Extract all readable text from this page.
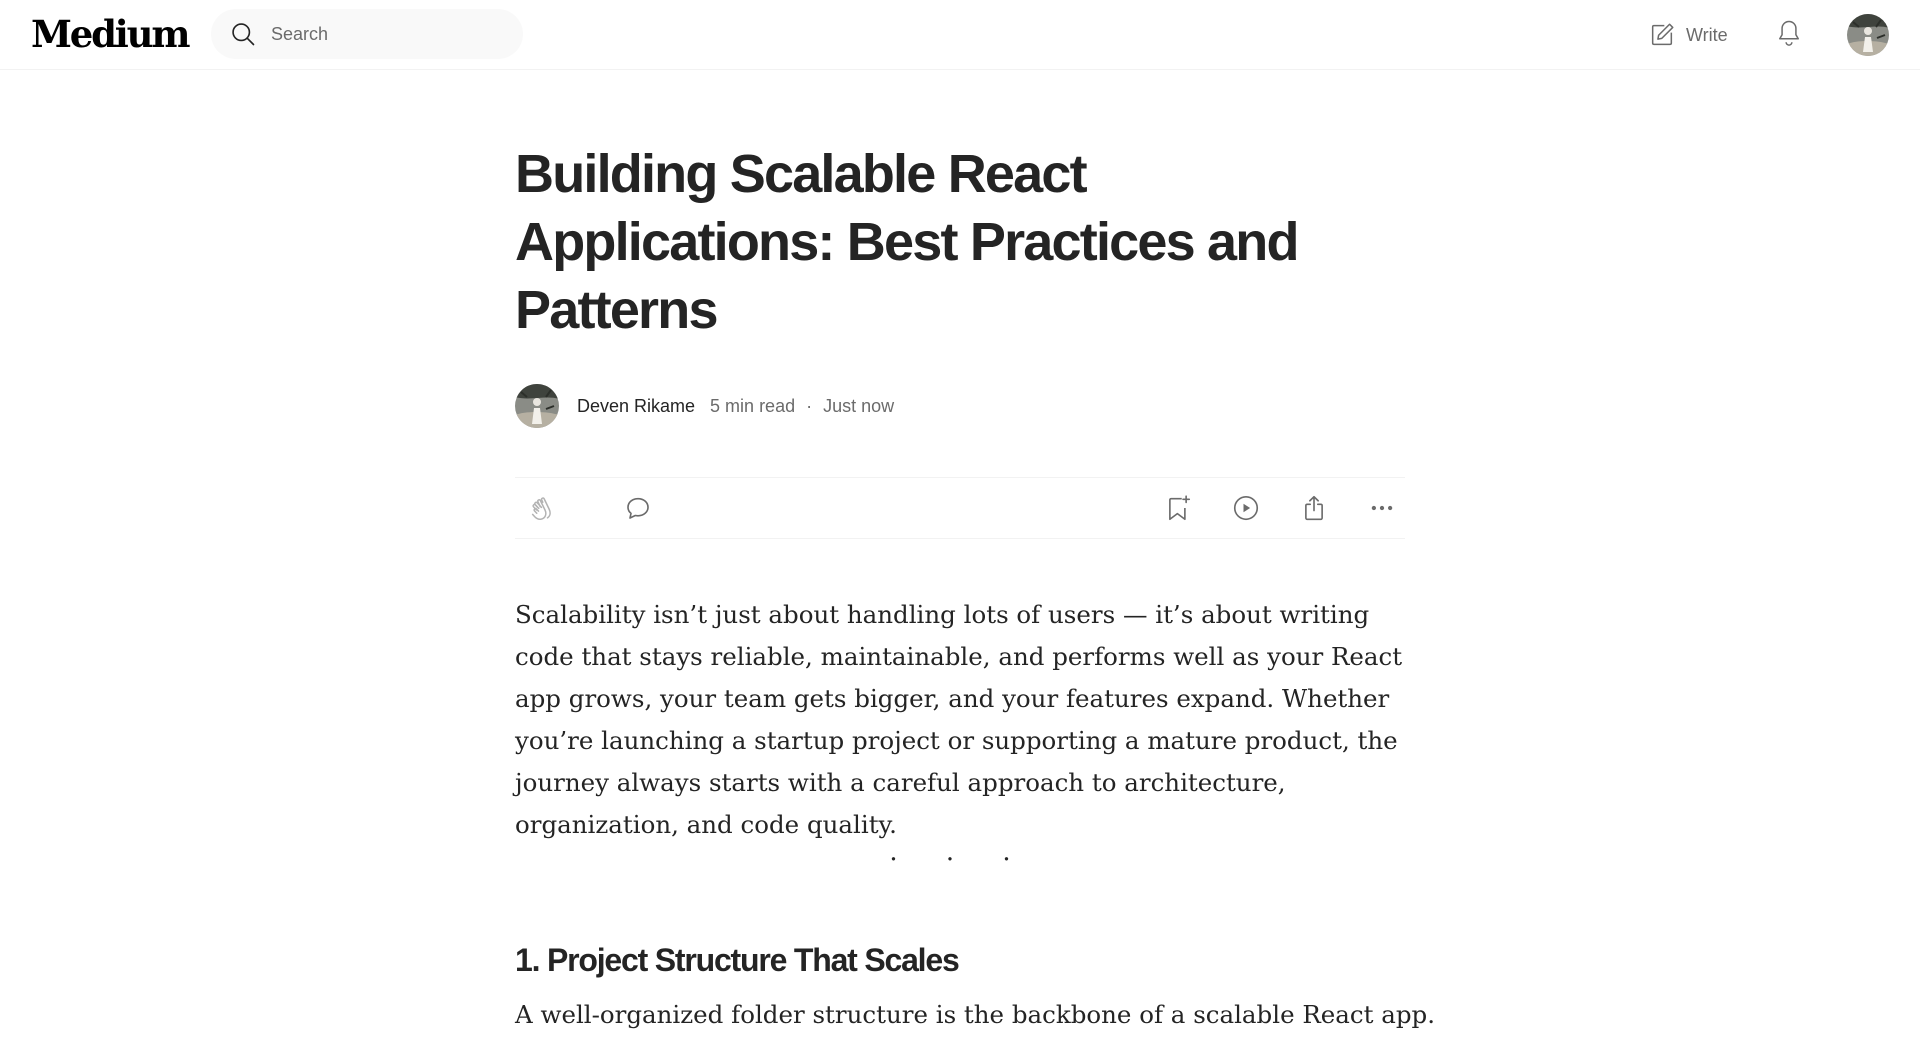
Medium
Search	Write
Building Scalable React Applications: Best Practices and Patterns
Deven Rikame 5 min read · Just now

Scalability isn’t just about handling lots of users — it’s about writing code that stays reliable, maintainable, and performs well as your React app grows, your team gets bigger, and your features expand. Whether you’re launching a startup project or supporting a mature product, the journey always starts with a careful approach to architecture, organization, and code quality.

· · ·
1. Project Structure That Scales

A well-organized folder structure is the backbone of a scalable React app.
